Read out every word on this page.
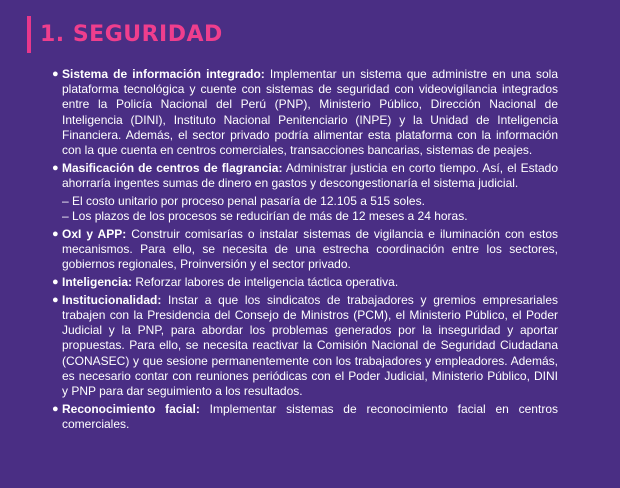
1. SEGURIDAD
● Sistema de información integrado: Implementar un sistema que administre en una sola plataforma tecnológica y cuente con sistemas de seguridad con videovigilancia integrados entre la Policía Nacional del Perú (PNP), Ministerio Público, Dirección Nacional de Inteligencia (DINI), Instituto Nacional Penitenciario (INPE) y la Unidad de Inteligencia Financiera. Además, el sector privado podría alimentar esta plataforma con la información con la que cuenta en centros comerciales, transacciones bancarias, sistemas de peajes.
● Masificación de centros de flagrancia: Administrar justicia en corto tiempo. Así, el Estado ahorraría ingentes sumas de dinero en gastos y descongestionaría el sistema judicial.
– El costo unitario por proceso penal pasaría de 12.105 a 515 soles.
– Los plazos de los procesos se reducirían de más de 12 meses a 24 horas.
● OxI y APP: Construir comisarías o instalar sistemas de vigilancia e iluminación con estos mecanismos. Para ello, se necesita de una estrecha coordinación entre los sectores, gobiernos regionales, Proinversión y el sector privado.
● Inteligencia: Reforzar labores de inteligencia táctica operativa.
● Institucionalidad: Instar a que los sindicatos de trabajadores y gremios empresariales trabajen con la Presidencia del Consejo de Ministros (PCM), el Ministerio Público, el Poder Judicial y la PNP, para abordar los problemas generados por la inseguridad y aportar propuestas. Para ello, se necesita reactivar la Comisión Nacional de Seguridad Ciudadana (CONASEC) y que sesione permanentemente con los trabajadores y empleadores. Además, es necesario contar con reuniones periódicas con el Poder Judicial, Ministerio Público, DINI y PNP para dar seguimiento a los resultados.
● Reconocimiento facial: Implementar sistemas de reconocimiento facial en centros comerciales.
